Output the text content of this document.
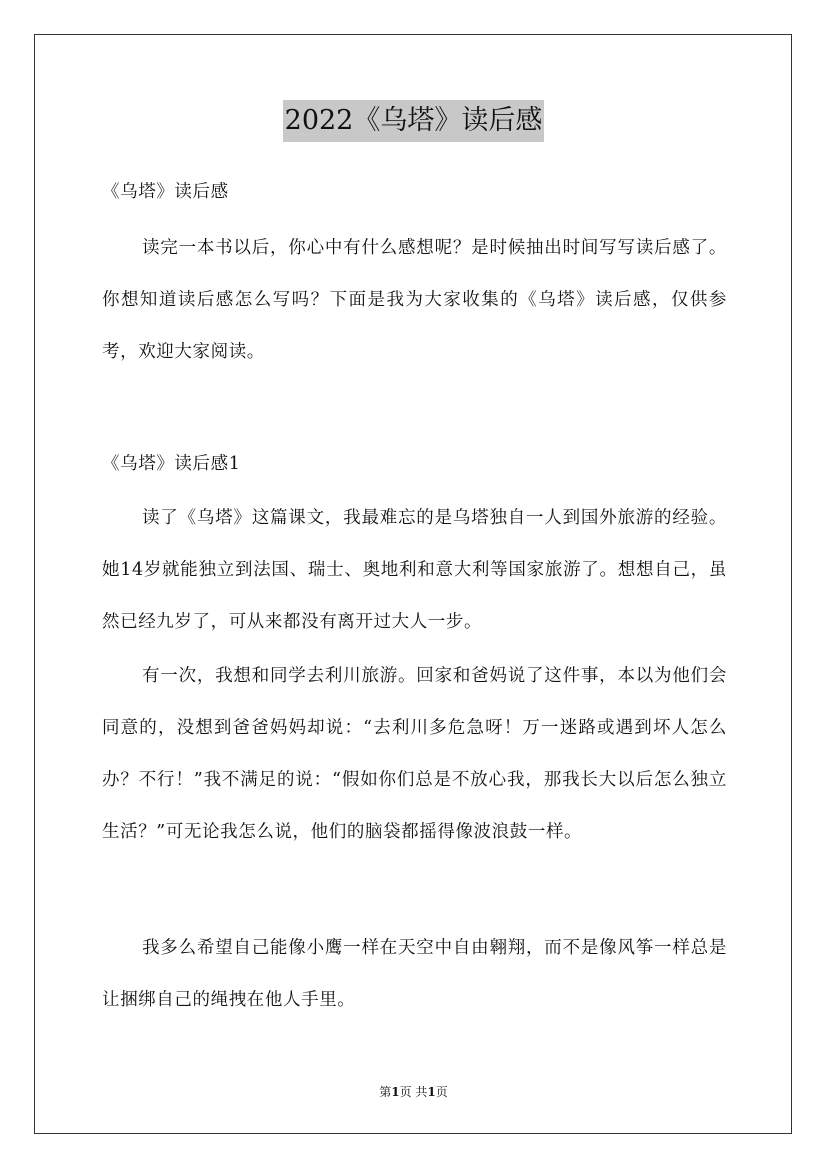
2022《乌塔》读后感
《乌塔》读后感

读完一本书以后，你心中有什么感想呢？是时候抽出时间写写读后感了。你想知道读后感怎么写吗？下面是我为大家收集的《乌塔》读后感，仅供参考，欢迎大家阅读。

《乌塔》读后感1

读了《乌塔》这篇课文，我最难忘的是乌塔独自一人到国外旅游的经验。她14岁就能独立到法国、瑞士、奥地利和意大利等国家旅游了。想想自己，虽然已经九岁了，可从来都没有离开过大人一步。

有一次，我想和同学去利川旅游。回家和爸妈说了这件事，本以为他们会同意的，没想到爸爸妈妈却说：“去利川多危急呀！万一迷路或遇到坏人怎么办？不行！”我不满足的说：“假如你们总是不放心我，那我长大以后怎么独立生活？”可无论我怎么说，他们的脑袋都摇得像波浪鼓一样。

我多么希望自己能像小鹰一样在天空中自由翱翔，而不是像风筝一样总是让捆绑自己的绳拽在他人手里。

第1页 共1页
